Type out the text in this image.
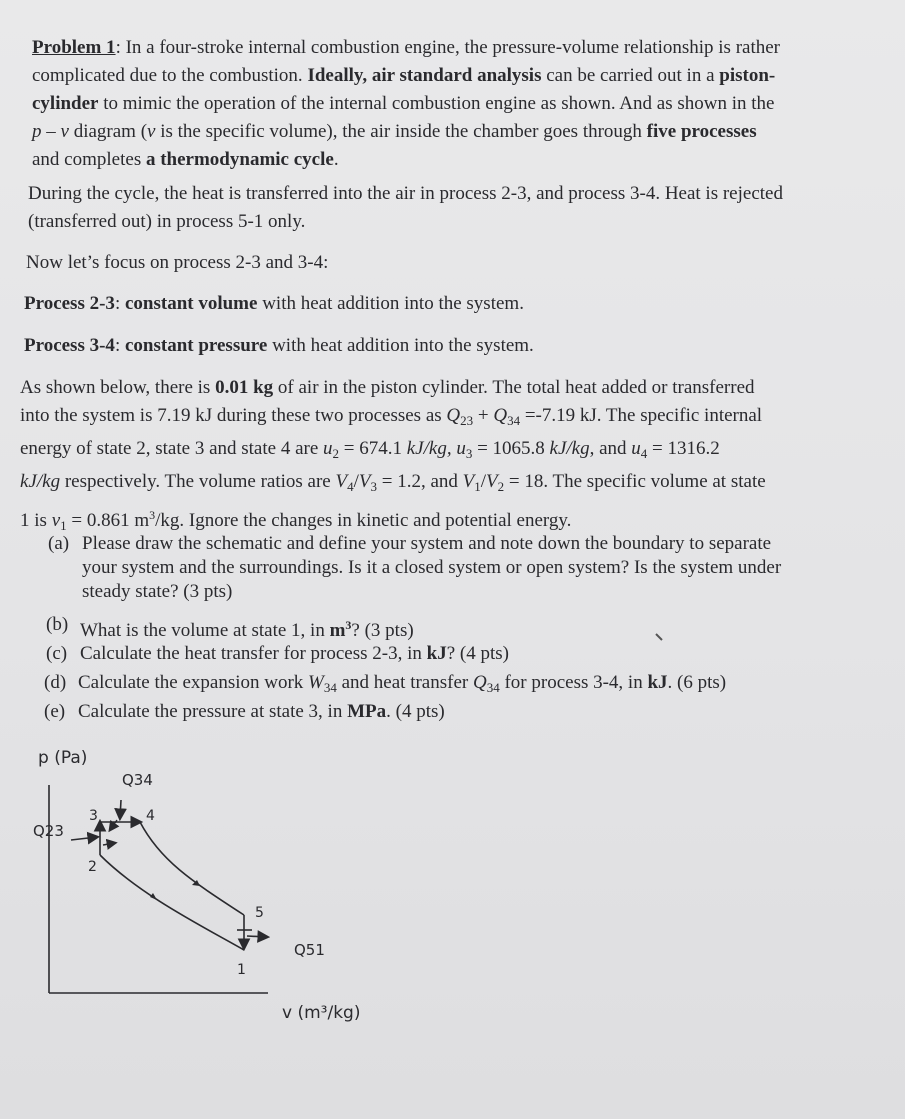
Problem 1: In a four-stroke internal combustion engine, the pressure-volume relationship is rather
complicated due to the combustion. Ideally, air standard analysis can be carried out in a piston-
cylinder to mimic the operation of the internal combustion engine as shown. And as shown in the
p – v diagram (v is the specific volume), the air inside the chamber goes through five processes
and completes a thermodynamic cycle.
During the cycle, the heat is transferred into the air in process 2-3, and process 3-4. Heat is rejected
(transferred out) in process 5-1 only.
Now let’s focus on process 2-3 and 3-4:
Process 2-3: constant volume with heat addition into the system.
Process 3-4: constant pressure with heat addition into the system.
As shown below, there is 0.01 kg of air in the piston cylinder. The total heat added or transferred
into the system is 7.19 kJ during these two processes as $Q_{23} + Q_{34} =-7.19$ kJ. The specific internal
energy of state 2, state 3 and state 4 are $u_2 = 674.1$ kJ/kg, $u_3 = 1065.8$ kJ/kg, and $u_4 = 1316.2$
kJ/kg respectively. The volume ratios are $V_4/V_3 = 1.2$, and $V_1/V_2 = 18$. The specific volume at state
1 is $v_1 = 0.861$ $m^3/kg$. Ignore the changes in kinetic and potential energy.
(a) Please draw the schematic and define your system and note down the boundary to separate
your system and the surroundings. Is it a closed system or open system? Is the system under
steady state? (3 pts)
(b) What is the volume at state 1, in $m^3$? (3 pts)
(c) Calculate the heat transfer for process 2-3, in kJ? (4 pts)
(d) Calculate the expansion work $W_{34}$ and heat transfer $Q_{34}$ for process 3-4, in kJ. (6 pts)
(e) Calculate the pressure at state 3, in MPa. (4 pts)
p (Pa)
Q34
Q23
Q51
3	4
2
5
1
v (m³/kg)
